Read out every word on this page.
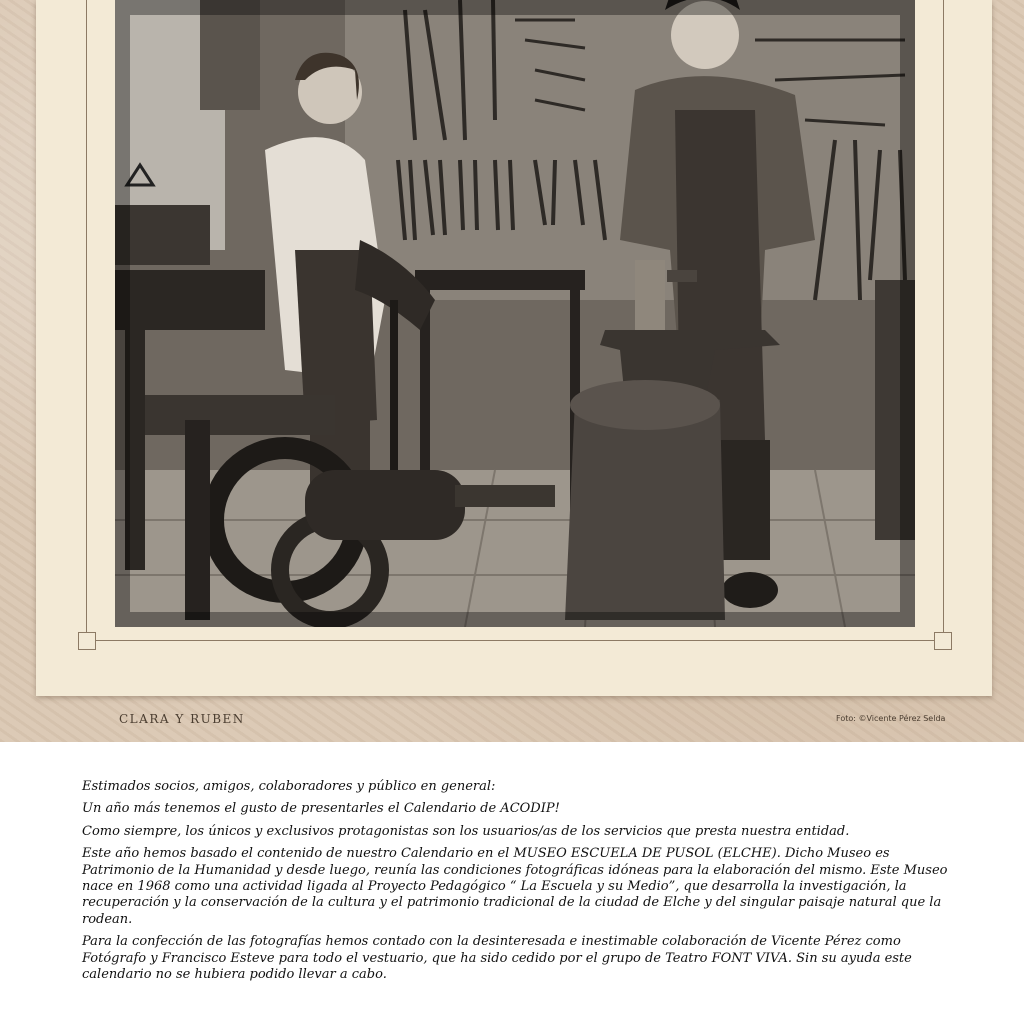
CLARA Y RUBEN	Foto: ©Vicente Pérez Selda

Estimados socios, amigos, colaboradores y público en general:

Un año más tenemos el gusto de presentarles el Calendario de ACODIP!

Como siempre, los únicos y exclusivos protagonistas son los usuarios/as de los servicios que presta nuestra entidad.

Este año hemos basado el contenido de nuestro Calendario en el MUSEO ESCUELA DE PUSOL (ELCHE). Dicho Museo es Patrimonio de la Humanidad y desde luego, reunía las condiciones fotográficas idóneas para la elaboración del mismo. Este Museo nace en 1968 como una actividad ligada al Proyecto Pedagógico “ La Escuela y su Medio”, que desarrolla la investigación, la recuperación y la conservación de la cultura y el patrimonio tradicional de la ciudad de Elche y del singular paisaje natural que la rodean.

Para la confección de las fotografías hemos contado con la desinteresada e inestimable colaboración de Vicente Pérez como Fotógrafo y Francisco Esteve para todo el vestuario, que ha sido cedido por el grupo de Teatro FONT VIVA. Sin su ayuda este calendario no se hubiera podido llevar a cabo.
